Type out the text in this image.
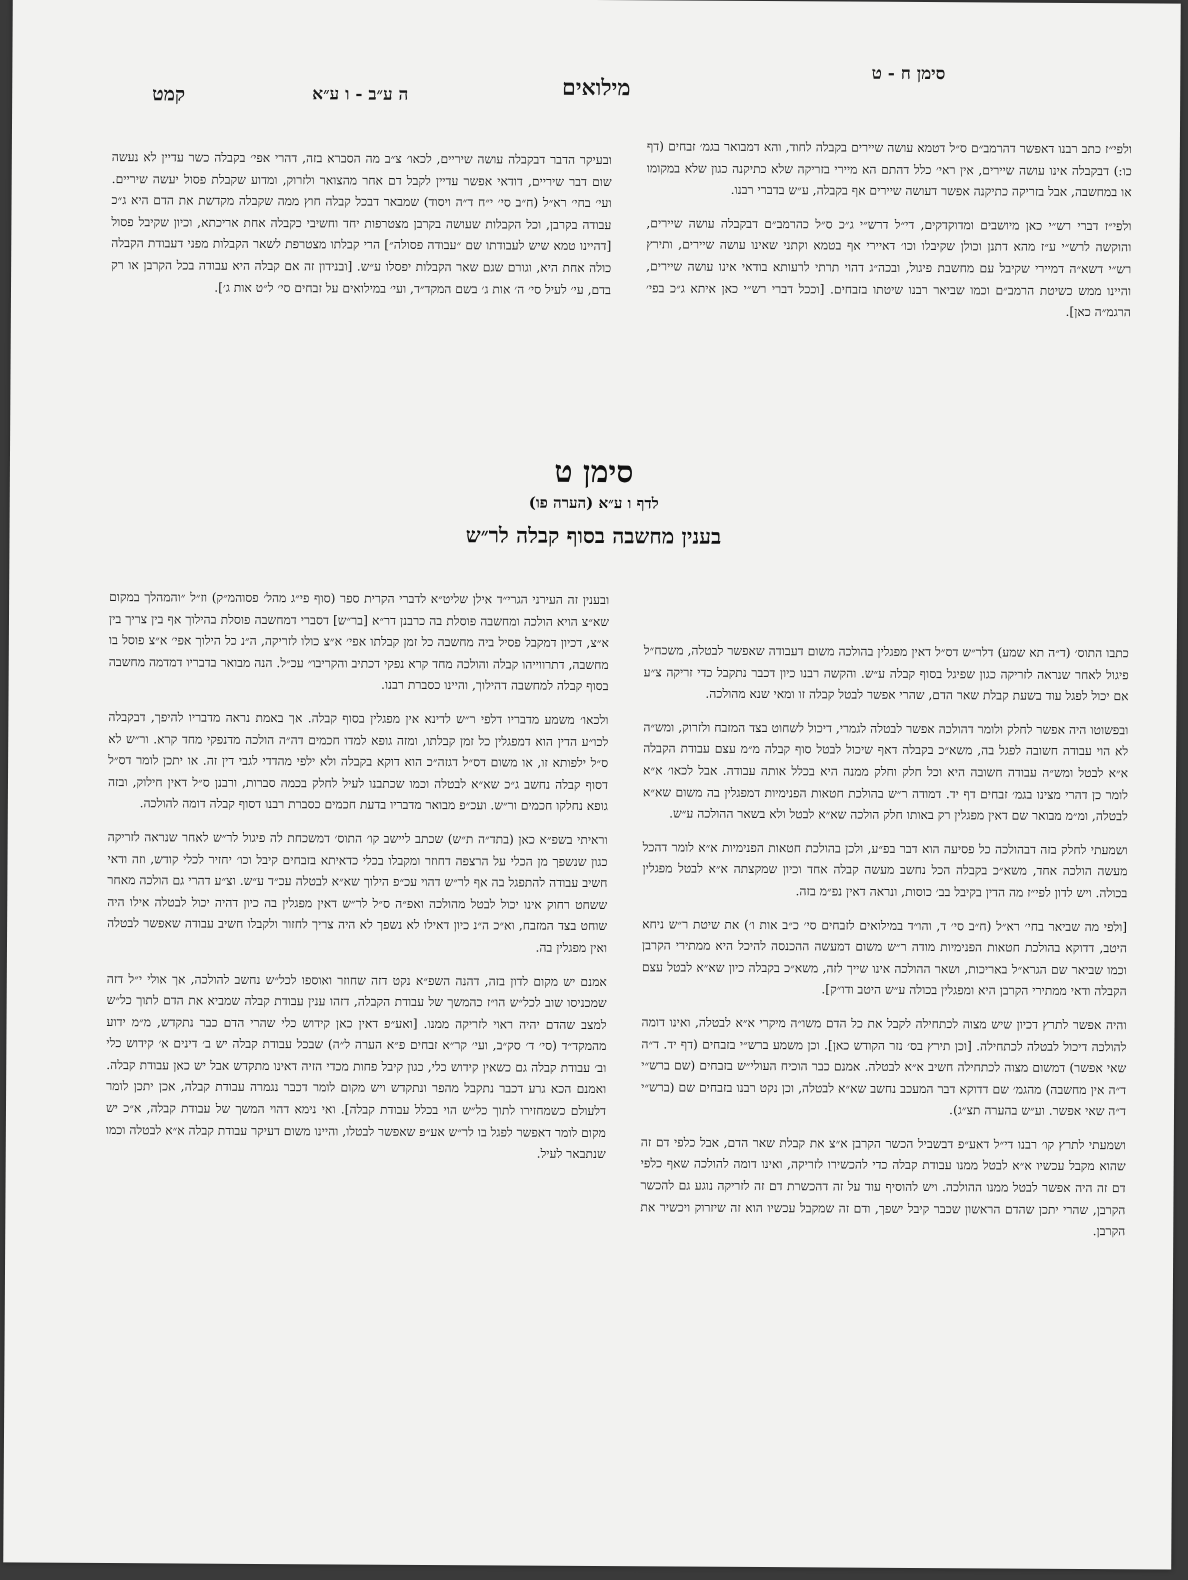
סימן ח - ט
מילואים
ה ע״ב - ו ע״א
קמט

ולפי״ז כתב רבנו דאפשר דהרמב״ם ס״ל דטמא עושה שיירים בקבלה לחוד, והא דמבואר בגמ׳ זבחים (דף כו:) דבקבלה אינו עושה שיירים, אין ראי׳ כלל דהתם הא מיירי בזריקה שלא כתיקנה כגון שלא במקומו או במחשבה, אבל בזריקה כתיקנה אפשר דעושה שיירים אף בקבלה, ע״ש בדברי רבנו.

ולפי״ז דברי רש״י כאן מיושבים ומדוקדקים, די״ל דרש״י ג״כ ס״ל כהרמב״ם דבקבלה עושה שיירים, והוקשה לרש״י ע״ז מהא דתנן וכולן שקיבלו וכו׳ דאיירי אף בטמא וקתני שאינו עושה שיירים, ותירץ רש״י דשא״ה דמיירי שקיבל עם מחשבת פיגול, ובכה״ג דהוי תרתי לרעותא בודאי אינו עושה שיירים, והיינו ממש כשיטת הרמב״ם וכמו שביאר רבנו שיטתו בזבחים. [וככל דברי רש״י כאן איתא ג״כ בפי׳ הרגמ״ה כאן].

ובעיקר הדבר דבקבלה עושה שיריים, לכאו׳ צ״ב מה הסברא בזה, דהרי אפי׳ בקבלה כשר עדיין לא נעשה שום דבר שיריים, דודאי אפשר עדיין לקבל דם אחר מהצואר ולזרוק, ומדוע שקבלת פסול יעשה שיריים. ועי׳ בחי׳ רא״ל (ח״ב סי׳ י״ח ד״ה ויסוד) שמבאר דבכל קבלה חוץ ממה שקבלה מקדשת את הדם היא ג״כ עבודה בקרבן, וכל הקבלות שעושה בקרבן מצטרפות יחד וחשיבי כקבלה אחת אריכתא, וכיון שקיבל פסול [דהיינו טמא שיש לעבודתו שם ״עבודה פסולה״] הרי קבלתו מצטרפת לשאר הקבלות מפני דעבודת הקבלה כולה אחת היא, וגורם שגם שאר הקבלות יפסלו ע״ש. [ובנידון זה אם קבלה היא עבודה בכל הקרבן או רק בדם, עי׳ לעיל סי׳ ה׳ אות ג׳ בשם המקד״ד, ועי׳ במילואים על זבחים סי׳ ל״ט אות ג׳].

סימן ט
לדף ו ע״א (הערה פו)
בענין מחשבה בסוף קבלה לר״ש

כתבו התוס׳ (ד״ה תא שמע) דלר״ש דס״ל דאין מפגלין בהולכה משום דעבודה שאפשר לבטלה, משכח״ל פיגול לאחר שנראה לזריקה כגון שפיגל בסוף קבלה ע״ש. והקשה רבנו כיון דכבר נתקבל כדי זריקה צ״ע אם יכול לפגל עוד בשעת קבלת שאר הדם, שהרי אפשר לבטל קבלה זו ומאי שנא מהולכה.

ובפשוטו היה אפשר לחלק ולומר דהולכה אפשר לבטלה לגמרי, דיכול לשחוט בצד המזבח ולזרוק, ומש״ה לא הוי עבודה חשובה לפגל בה, משא״כ בקבלה דאף שיכול לבטל סוף קבלה מ״מ עצם עבודת הקבלה א״א לבטל ומש״ה עבודה חשובה היא וכל חלק וחלק ממנה היא בכלל אותה עבודה. אבל לכאו׳ א״א לומר כן דהרי מצינו בגמ׳ זבחים דף יד. דמודה ר״ש בהולכת חטאות הפנימיות דמפגלין בה משום שא״א לבטלה, ומ״מ מבואר שם דאין מפגלין רק באותו חלק הולכה שא״א לבטל ולא בשאר ההולכה ע״ש.

ושמעתי לחלק בזה דבהולכה כל פסיעה הוא דבר בפ״ע, ולכן בהולכת חטאות הפנימיות א״א לומר דהכל מעשה הולכה אחד, משא״כ בקבלה הכל נחשב מעשה קבלה אחד וכיון שמקצתה א״א לבטל מפגלין בכולה. ויש לדון לפי״ז מה הדין בקיבל בב׳ כוסות, ונראה דאין נפ״מ בזה.

[ולפי מה שביאר בחי׳ רא״ל (ח״ב סי׳ ד, והו״ד במילואים לזבחים סי׳ כ״ב אות ו׳) את שיטת ר״ש ניחא היטב, דדוקא בהולכת חטאות הפנימיות מודה ר״ש משום דמעשה ההכנסה להיכל היא ממתירי הקרבן וכמו שביאר שם הגרא״ל באריכות, ושאר ההולכה אינו שייך לזה, משא״כ בקבלה כיון שא״א לבטל עצם הקבלה ודאי ממתירי הקרבן היא ומפגלין בכולה ע״ש היטב ודו״ק].

והיה אפשר לתרץ דכיון שיש מצוה לכתחילה לקבל את כל הדם משו״ה מיקרי א״א לבטלה, ואינו דומה להולכה דיכול לבטלה לכתחילה. [וכן תירץ בס׳ נזר הקודש כאן]. וכן משמע ברש״י בזבחים (דף יד. ד״ה שאי אפשר) דמשום מצוה לכתחילה חשיב א״א לבטלה. אמנם כבר הוכיח העולי״ש בזבחים (שם ברש״י ד״ה אין מחשבה) מהגמ׳ שם דדוקא דבר המעכב נחשב שא״א לבטלה, וכן נקט רבנו בזבחים שם (ברש״י ד״ה שאי אפשר. וע״ש בהערה תצ״ג).

ושמעתי לתרץ קו׳ רבנו די״ל דאע״פ דבשביל הכשר הקרבן א״צ את קבלת שאר הדם, אבל כלפי דם זה שהוא מקבל עכשיו א״א לבטל ממנו עבודת קבלה כדי להכשירו לזריקה, ואינו דומה להולכה שאף כלפי דם זה היה אפשר לבטל ממנו ההולכה. ויש להוסיף עוד על זה דהכשרת דם זה לזריקה נוגע גם להכשר הקרבן, שהרי יתכן שהדם הראשון שכבר קיבל ישפך, ודם זה שמקבל עכשיו הוא זה שיזרוק ויכשיר את הקרבן.

ובענין זה העירני הגרי״ד אילן שליט״א לדברי הקרית ספר (סוף פי״ג מהל׳ פסוהמ״ק) וז״ל ״והמהלך במקום שא״צ הויא הולכה ומחשבה פוסלת בה כרבנן דר״א [בר״ש] דסברי דמחשבה פוסלת בהילוך אף בין צריך בין א״צ, דכיון דמקבל פסיל ביה מחשבה כל זמן קבלתו אפי׳ א״צ כולו לזריקה, ה״נ כל הילוך אפי׳ א״צ פוסל בו מחשבה, דתרווייהו קבלה והולכה מחד קרא נפקי דכתיב והקריבו״ עכ״ל. הנה מבואר בדבריו דמדמה מחשבה בסוף קבלה למחשבה דהילוך, והיינו כסברת רבנו.

ולכאו׳ משמע מדבריו דלפי ר״ש לדינא אין מפגלין בסוף קבלה. אך באמת נראה מדבריו להיפך, דבקבלה לכו״ע הדין הוא דמפגלין כל זמן קבלתו, ומזה גופא למדו חכמים דה״ה הולכה מדנפקי מחד קרא. ור״ש לא ס״ל ילפותא זו, או משום דס״ל דגזה״כ הוא דוקא בקבלה ולא ילפי מהדדי לגבי דין זה. או יתכן לומר דס״ל דסוף קבלה נחשב ג״כ שא״א לבטלה וכמו שכתבנו לעיל לחלק בכמה סברות, ורבנן ס״ל דאין חילוק, ובזה גופא נחלקו חכמים ור״ש. ועכ״פ מבואר מדבריו בדעת חכמים כסברת רבנו דסוף קבלה דומה להולכה.

וראיתי בשפ״א כאן (בתד״ה ת״ש) שכתב ליישב קו׳ התוס׳ דמשכחת לה פיגול לר״ש לאחר שנראה לזריקה כגון שנשפך מן הכלי על הרצפה דחוזר ומקבלו בכלי כדאיתא בזבחים קיבל וכו׳ יחזיר לכלי קודש, וזה ודאי חשיב עבודה להתפגל בה אף לר״ש דהוי עכ״פ הילוך שא״א לבטלה עכ״ד ע״ש. וצ״ע דהרי גם הולכה מאחר ששחט רחוק אינו יכול לבטל מהולכה ואפ״ה ס״ל לר״ש דאין מפגלין בה כיון דהיה יכול לבטלה אילו היה שוחט בצד המזבח, וא״כ ה״נ כיון דאילו לא נשפך לא היה צריך לחזור ולקבלו חשיב עבודה שאפשר לבטלה ואין מפגלין בה.

אמנם יש מקום לדון בזה, דהנה השפ״א נקט דזה שחוזר ואוספו לכל״ש נחשב להולכה, אך אולי י״ל דזה שמכניסו שוב לכל״ש הו״ז כהמשך של עבודת הקבלה, דזהו ענין עבודת קבלה שמביא את הדם לתוך כל״ש למצב שהדם יהיה ראוי לזריקה ממנו. [ואע״פ דאין כאן קידוש כלי שהרי הדם כבר נתקדש, מ״מ ידוע מהמקד״ד (סי׳ ד׳ סק״ב, ועי׳ קר״א זבחים פ״א הערה ל״ה) שבכל עבודת קבלה יש ב׳ דינים א׳ קידוש כלי וב׳ עבודת קבלה גם כשאין קידוש כלי, כגון קיבל פחות מכדי הזיה דאינו מתקדש אבל יש כאן עבודת קבלה. ואמנם הכא גרע דכבר נתקבל מהפר ונתקדש ויש מקום לומר דכבר נגמרה עבודת קבלה, אכן יתכן לומר דלעולם כשמחזירו לתוך כל״ש הוי בכלל עבודת קבלה]. ואי נימא דהוי המשך של עבודת קבלה, א״כ יש מקום לומר דאפשר לפגל בו לר״ש אע״פ שאפשר לבטלו, והיינו משום דעיקר עבודת קבלה א״א לבטלה וכמו שנתבאר לעיל.
